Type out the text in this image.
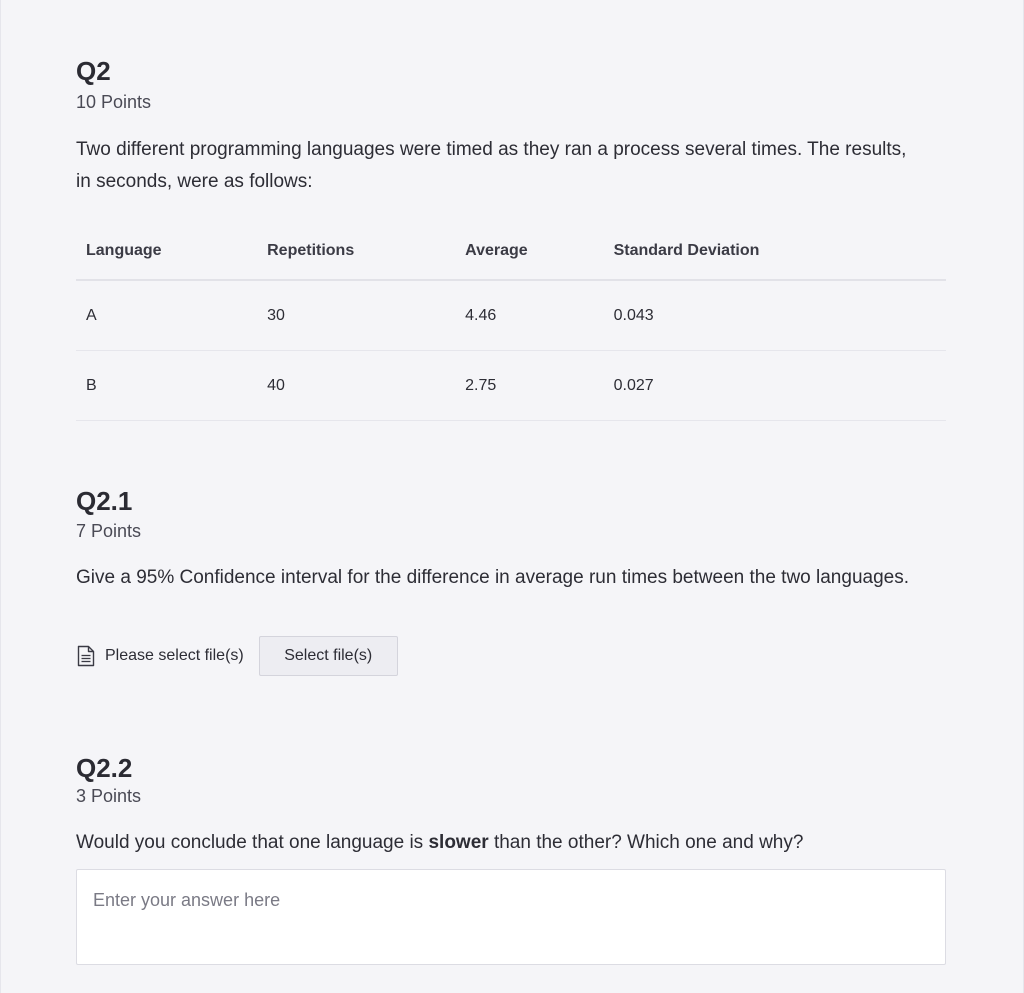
Q2
10 Points

Two different programming languages were timed as they ran a process several times. The results, in seconds, were as follows:

Language	Repetitions	Average	Standard Deviation
A	30	4.46	0.043
B	40	2.75	0.027
Q2.1
7 Points

Give a 95% Confidence interval for the difference in average run times between the two languages.

Please select file(s)	Select file(s)
Q2.2
3 Points

Would you conclude that one language is slower than the other? Which one and why?

Enter your answer here
